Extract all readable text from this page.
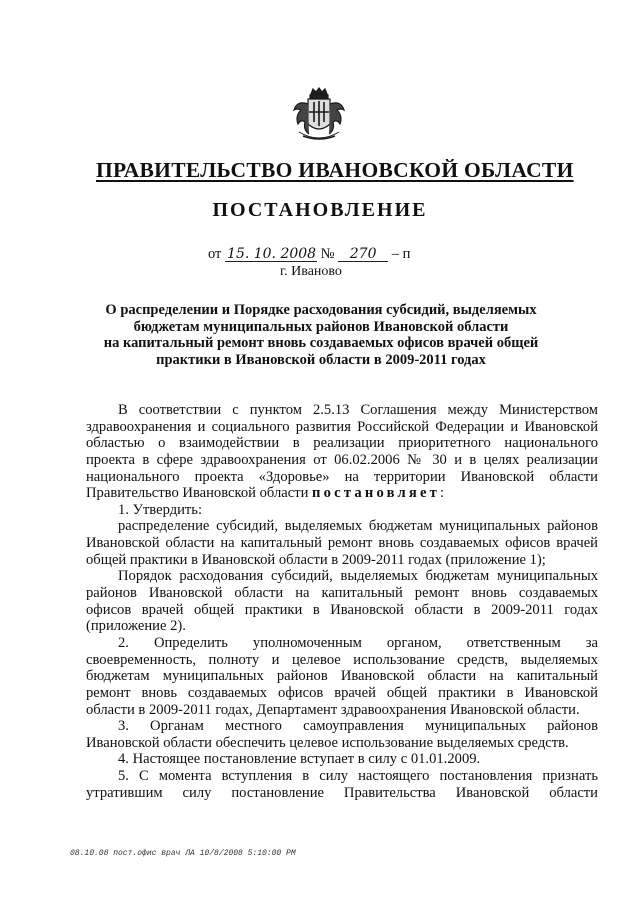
ПРАВИТЕЛЬСТВО ИВАНОВСКОЙ ОБЛАСТИ
ПОСТАНОВЛЕНИЕ
от 15. 10. 2008 № 270 – п
г. Иваново
О распределении и Порядке расходования субсидий, выделяемых
бюджетам муниципальных районов Ивановской области
на капитальный ремонт вновь создаваемых офисов врачей общей
практики в Ивановской области в 2009-2011 годах
В соответствии с пунктом 2.5.13 Соглашения между Министерством
здравоохранения и социального развития Российской Федерации и Ивановской
областью о взаимодействии в реализации приоритетного национального
проекта в сфере здравоохранения от 06.02.2006 № 30 и в целях реализации
национального проекта «Здоровье» на территории Ивановской области
Правительство Ивановской области постановляет:
1. Утвердить:
распределение субсидий, выделяемых бюджетам муниципальных районов
Ивановской области на капитальный ремонт вновь создаваемых офисов врачей
общей практики в Ивановской области в 2009-2011 годах (приложение 1);
Порядок расходования субсидий, выделяемых бюджетам муниципальных
районов Ивановской области на капитальный ремонт вновь создаваемых
офисов врачей общей практики в Ивановской области в 2009-2011 годах
(приложение 2).
2. Определить уполномоченным органом, ответственным за
своевременность, полноту и целевое использование средств, выделяемых
бюджетам муниципальных районов Ивановской области на капитальный
ремонт вновь создаваемых офисов врачей общей практики в Ивановской
области в 2009-2011 годах, Департамент здравоохранения Ивановской области.
3. Органам местного самоуправления муниципальных районов
Ивановской области обеспечить целевое использование выделяемых средств.
4. Настоящее постановление вступает в силу с 01.01.2009.
5. С момента вступления в силу настоящего постановления признать
утратившим силу постановление Правительства Ивановской области
08.10.08 пост.офис врач ЛА 10/8/2008 5:10:00 PM
